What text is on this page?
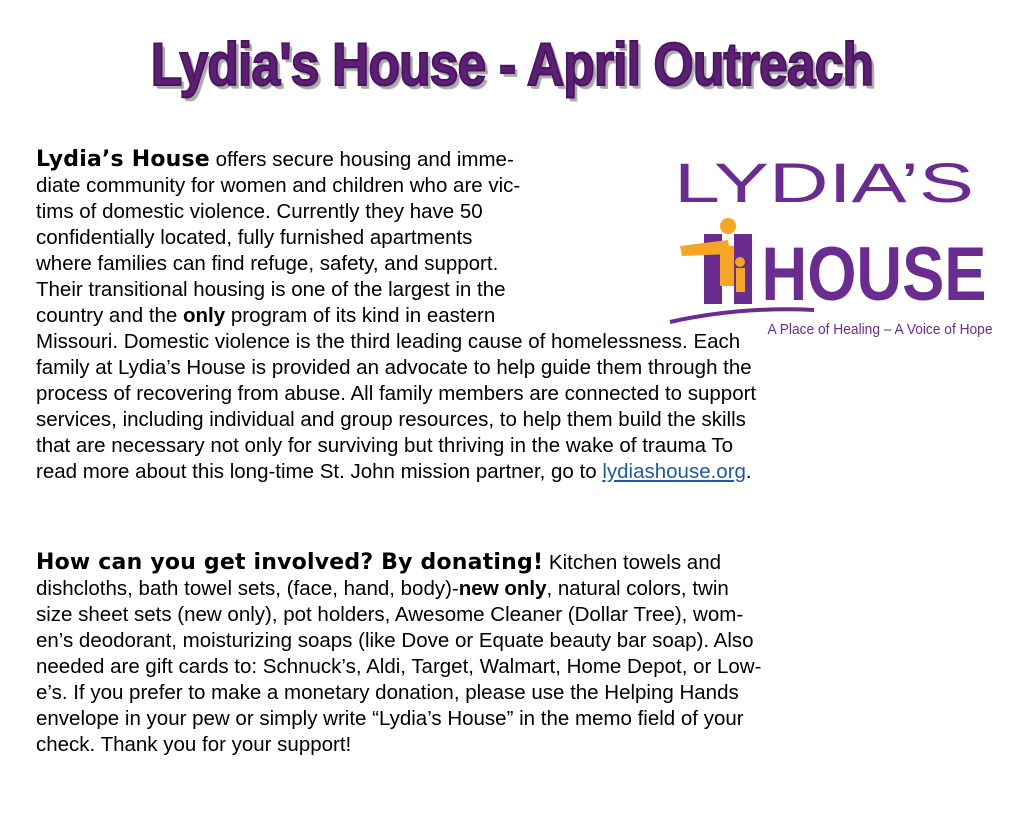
Lydia's House - April Outreach
LYDIA’S
HOUSE
A Place of Healing – A Voice of Hope

Lydia’s House offers secure housing and imme-
diate community for women and children who are vic-
tims of domestic violence. Currently they have 50
confidentially located, fully furnished apartments
where families can find refuge, safety, and support.
Their transitional housing is one of the largest in the
country and the only program of its kind in eastern
Missouri. Domestic violence is the third leading cause of homelessness. Each
family at Lydia’s House is provided an advocate to help guide them through the
process of recovering from abuse. All family members are connected to support
services, including individual and group resources, to help them build the skills
that are necessary not only for surviving but thriving in the wake of trauma To
read more about this long-time St. John mission partner, go to lydiashouse.org.

How can you get involved? By donating! Kitchen towels and
dishcloths, bath towel sets, (face, hand, body)-new only, natural colors, twin
size sheet sets (new only), pot holders, Awesome Cleaner (Dollar Tree), wom-
en’s deodorant, moisturizing soaps (like Dove or Equate beauty bar soap). Also
needed are gift cards to: Schnuck’s, Aldi, Target, Walmart, Home Depot, or Low-
e’s. If you prefer to make a monetary donation, please use the Helping Hands
envelope in your pew or simply write “Lydia’s House” in the memo field of your
check. Thank you for your support!
